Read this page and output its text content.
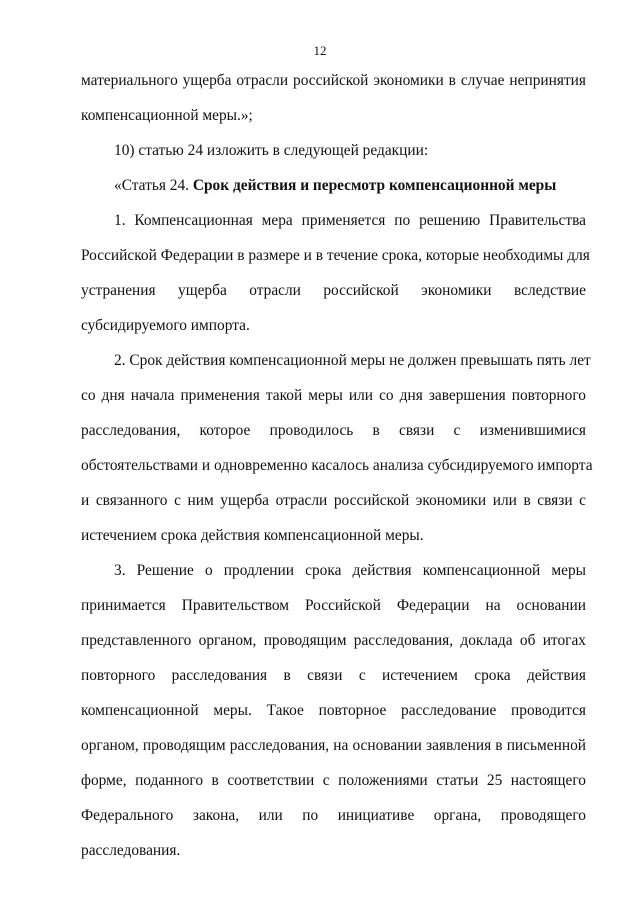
12
материального ущерба отрасли российской экономики в случае непринятия
компенсационной меры.»;
10) статью 24 изложить в следующей редакции:
«Статья 24. Срок действия и пересмотр компенсационной меры
1. Компенсационная мера применяется по решению Правительства
Российской Федерации в размере и в течение срока, которые необходимы для
устранения ущерба отрасли российской экономики вследствие
субсидируемого импорта.
2. Срок действия компенсационной меры не должен превышать пять лет
со дня начала применения такой меры или со дня завершения повторного
расследования, которое проводилось в связи с изменившимися
обстоятельствами и одновременно касалось анализа субсидируемого импорта
и связанного с ним ущерба отрасли российской экономики или в связи с
истечением срока действия компенсационной меры.
3. Решение о продлении срока действия компенсационной меры
принимается Правительством Российской Федерации на основании
представленного органом, проводящим расследования, доклада об итогах
повторного расследования в связи с истечением срока действия
компенсационной меры. Такое повторное расследование проводится
органом, проводящим расследования, на основании заявления в письменной
форме, поданного в соответствии с положениями статьи 25 настоящего
Федерального закона, или по инициативе органа, проводящего
расследования.
